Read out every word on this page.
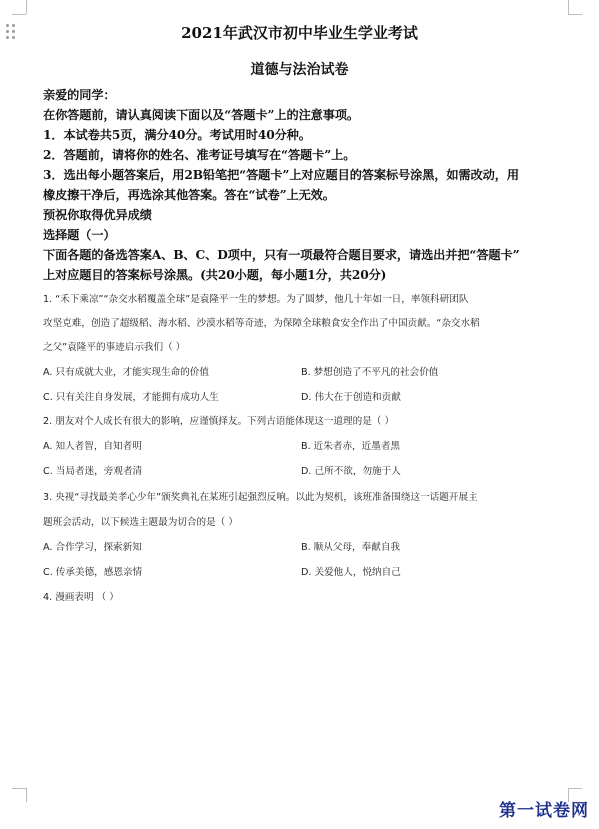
2021年武汉市初中毕业生学业考试
道德与法治试卷
亲爱的同学：
在你答题前，请认真阅读下面以及“答题卡”上的注意事项。
1．本试卷共5页，满分40分。考试用时40分种。
2．答题前，请将你的姓名、准考证号填写在“答题卡”上。
3．选出每小题答案后，用2B铅笔把“答题卡”上对应题目的答案标号涂黑，如需改动，用
橡皮擦干净后，再选涂其他答案。答在“试卷”上无效。
预祝你取得优异成绩
选择题（一）
下面各题的备选答案A、B、C、D项中，只有一项最符合题目要求，请选出并把“答题卡”
上对应题目的答案标号涂黑。(共20小题，每小题1分，共20分)
1. “禾下乘凉”“杂交水稻覆盖全球”是袁隆平一生的梦想。为了圆梦，他几十年如一日，率领科研团队
攻坚克难，创造了超级稻、海水稻、沙漠水稻等奇迹，为保障全球粮食安全作出了中国贡献。“杂交水稻
之父”袁隆平的事迹启示我们（ ）
A. 只有成就大业，才能实现生命的价值	B. 梦想创造了不平凡的社会价值
C. 只有关注自身发展，才能拥有成功人生	D. 伟大在于创造和贡献
2. 朋友对个人成长有很大的影响，应谨慎择友。下列古语能体现这一道理的是（ ）
A. 知人者智，自知者明	B. 近朱者赤，近墨者黑
C. 当局者迷，旁观者清	D. 己所不欲，勿施于人
3. 央视“寻找最美孝心少年”颁奖典礼在某班引起强烈反响。以此为契机，该班准备围绕这一话题开展主
题班会活动，以下候选主题最为切合的是（ ）
A. 合作学习，探索新知	B. 顺从父母，奉献自我
C. 传承美德，感恩亲情	D. 关爱他人，悦纳自己
4. 漫画表明 （ ）
第一试卷网
